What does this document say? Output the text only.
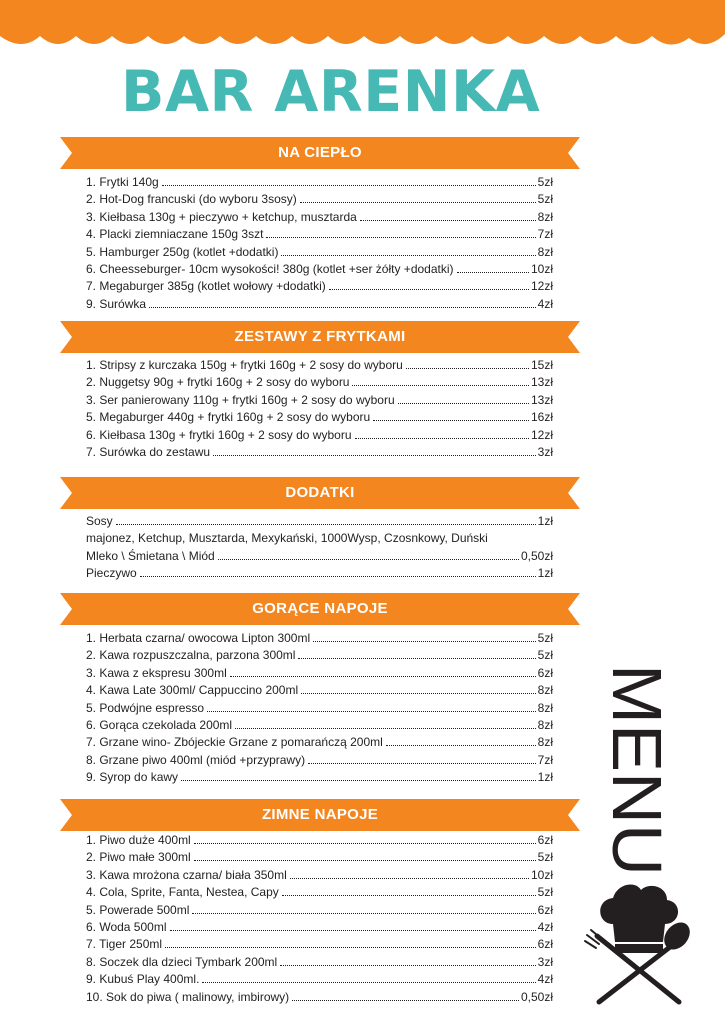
BAR ARENKA
NA CIEPŁO
1. Frytki 140g	5zł
2. Hot-Dog francuski (do wyboru 3sosy)	5zł
3. Kiełbasa 130g + pieczywo + ketchup, musztarda	8zł
4. Placki ziemniaczane 150g 3szt	7zł
5. Hamburger 250g (kotlet +dodatki)	8zł
6. Cheesseburger- 10cm wysokości! 380g (kotlet +ser żółty +dodatki)	10zł
7. Megaburger 385g (kotlet wołowy +dodatki)	12zł
9. Surówka	4zł
ZESTAWY Z FRYTKAMI
1. Stripsy z kurczaka 150g + frytki 160g + 2 sosy do wyboru	15zł
2. Nuggetsy 90g + frytki 160g + 2 sosy do wyboru	13zł
3. Ser panierowany 110g + frytki 160g + 2 sosy do wyboru	13zł
5. Megaburger 440g + frytki 160g + 2 sosy do wyboru	16zł
6. Kiełbasa 130g + frytki 160g + 2 sosy do wyboru	12zł
7. Surówka do zestawu	3zł
DODATKI
Sosy	1zł
majonez, Ketchup, Musztarda, Mexykański, 1000Wysp, Czosnkowy, Duński
Mleko \ Śmietana \ Miód	0,50zł
Pieczywo	1zł
GORĄCE NAPOJE
1. Herbata czarna/ owocowa Lipton 300ml	5zł
2. Kawa rozpuszczalna, parzona 300ml	5zł
3. Kawa z ekspresu 300ml	6zł
4. Kawa Late 300ml/ Cappuccino 200ml	8zł
5. Podwójne espresso	8zł
6. Gorąca czekolada 200ml	8zł
7. Grzane wino- Zbójeckie Grzane z pomarańczą 200ml	8zł
8. Grzane piwo 400ml (miód +przyprawy)	7zł
9. Syrop do kawy	1zł
ZIMNE NAPOJE
1. Piwo duże 400ml	6zł
2. Piwo małe 300ml	5zł
3. Kawa mrożona czarna/ biała 350ml	10zł
4. Cola, Sprite, Fanta, Nestea, Capy	5zł
5. Powerade 500ml	6zł
6. Woda 500ml	4zł
7. Tiger 250ml	6zł
8. Soczek dla dzieci Tymbark 200ml	3zł
9. Kubuś Play 400ml.	4zł
10. Sok do piwa ( malinowy, imbirowy)	0,50zł
MENU
